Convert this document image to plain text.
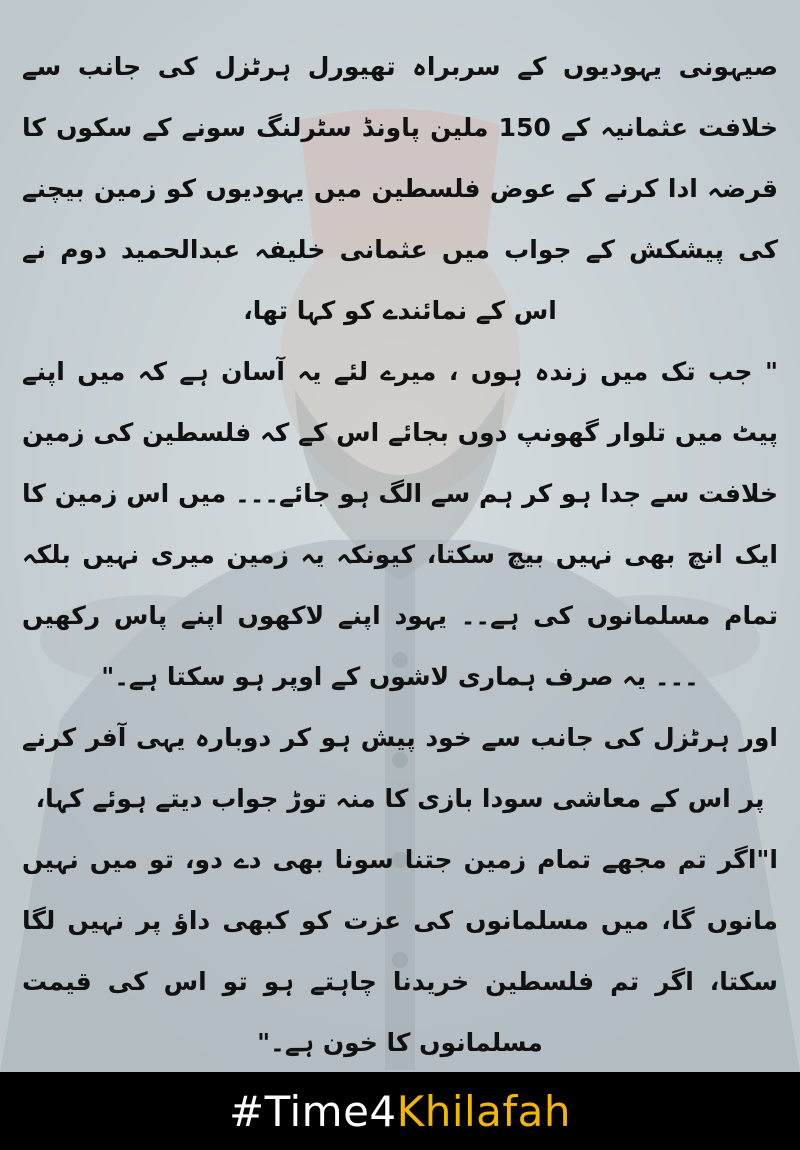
صیہونی یہودیوں کے سربراہ تھیورل ہرٹزل کی جانب سے خلافت عثمانیہ کے 150 ملین پاونڈ سٹرلنگ سونے کے سکوں کا قرضہ ادا کرنے کے عوض فلسطین میں یہودیوں کو زمین بیچنے کی پیشکش کے جواب میں عثمانی خلیفہ عبدالحمید دوم نے اس کے نمائندے کو کہا تھا،

" جب تک میں زندہ ہوں ، میرے لئے یہ آسان ہے کہ میں اپنے پیٹ میں تلوار گھونپ دوں بجائے اس کے کہ فلسطین کی زمین خلافت سے جدا ہو کر ہم سے الگ ہو جائے۔۔۔ میں اس زمین کا ایک انچ بھی نہیں بیچ سکتا، کیونکہ یہ زمین میری نہیں بلکہ تمام مسلمانوں کی ہے۔۔ یہود اپنے لاکھوں اپنے پاس رکھیں ۔۔۔ یہ صرف ہماری لاشوں کے اوپر ہو سکتا ہے۔"

اور ہرٹزل کی جانب سے خود پیش ہو کر دوبارہ یہی آفر کرنے پر اس کے معاشی سودا بازی کا منہ توڑ جواب دیتے ہوئے کہا،

ا"اگر تم مجھے تمام زمین جتنا سونا بھی دے دو، تو میں نہیں مانوں گا، میں مسلمانوں کی عزت کو کبھی داؤ پر نہیں لگا سکتا، اگر تم فلسطین خریدنا چاہتے ہو تو اس کی قیمت مسلمانوں کا خون ہے۔"

#Time4Khilafah
